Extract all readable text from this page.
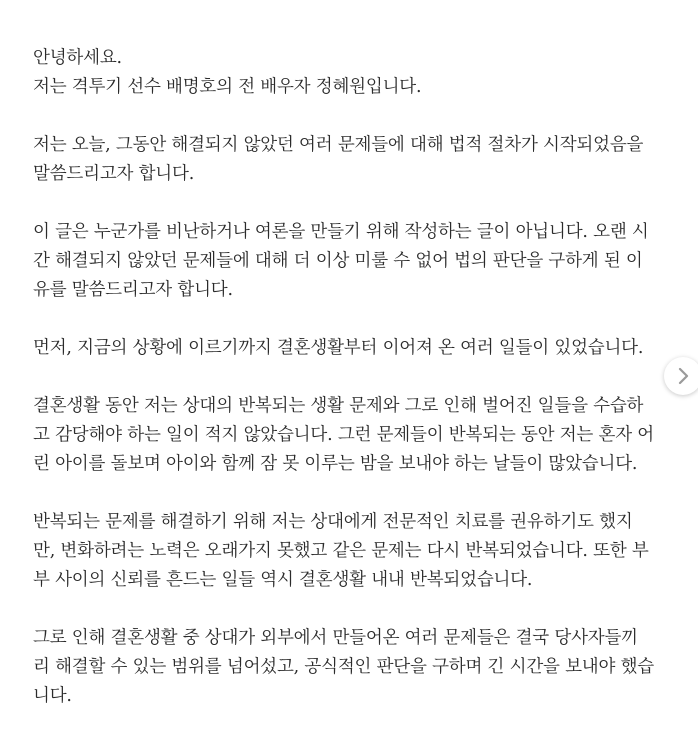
안녕하세요.
저는 격투기 선수 배명호의 전 배우자 정혜원입니다.

저는 오늘, 그동안 해결되지 않았던 여러 문제들에 대해 법적 절차가 시작되었음을
말씀드리고자 합니다.

이 글은 누군가를 비난하거나 여론을 만들기 위해 작성하는 글이 아닙니다. 오랜 시
간 해결되지 않았던 문제들에 대해 더 이상 미룰 수 없어 법의 판단을 구하게 된 이
유를 말씀드리고자 합니다.

먼저, 지금의 상황에 이르기까지 결혼생활부터 이어져 온 여러 일들이 있었습니다.

결혼생활 동안 저는 상대의 반복되는 생활 문제와 그로 인해 벌어진 일들을 수습하
고 감당해야 하는 일이 적지 않았습니다. 그런 문제들이 반복되는 동안 저는 혼자 어
린 아이를 돌보며 아이와 함께 잠 못 이루는 밤을 보내야 하는 날들이 많았습니다.

반복되는 문제를 해결하기 위해 저는 상대에게 전문적인 치료를 권유하기도 했지
만, 변화하려는 노력은 오래가지 못했고 같은 문제는 다시 반복되었습니다. 또한 부
부 사이의 신뢰를 흔드는 일들 역시 결혼생활 내내 반복되었습니다.

그로 인해 결혼생활 중 상대가 외부에서 만들어온 여러 문제들은 결국 당사자들끼
리 해결할 수 있는 범위를 넘어섰고, 공식적인 판단을 구하며 긴 시간을 보내야 했습
니다.
